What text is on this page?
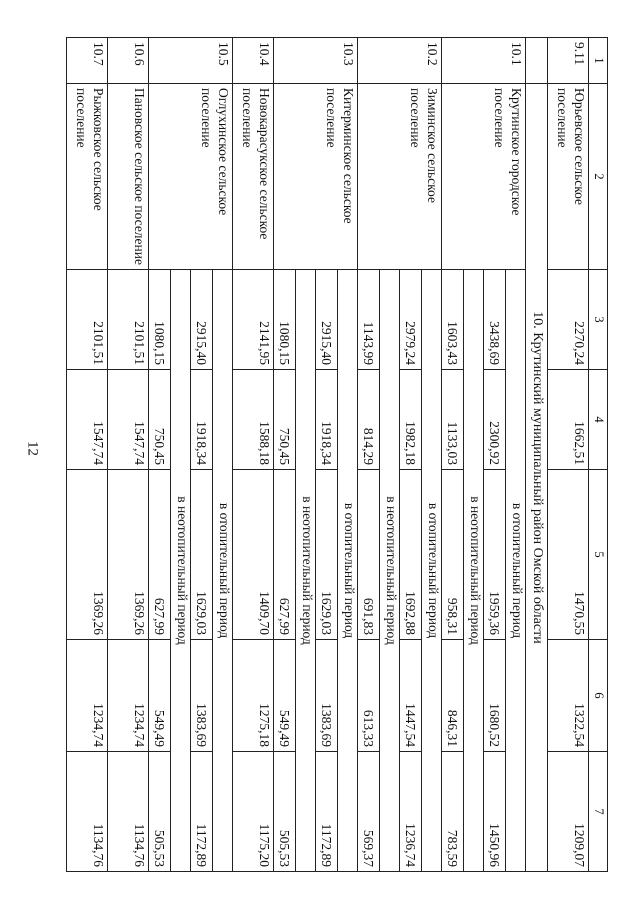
12
1	2	3	4	5	6	7
9.11	Юрьевское сельское поселение	2270,24	1662,51	1470,55	1322,54	1209,07
	10. Крутинский муниципальный район Омской области					
10.1	Крутинское городское поселение	в отопительный период				
		3438,69	2300,92	1959,36	1680,52	1450,96
		в неотопительный период				
		1603,43	1133,03	958,31	846,31	783,59
10.2	Зиминское сельское поселение	в отопительный период				
		2979,24	1982,18	1692,88	1447,54	1236,74
		в неотопительный период				
		1143,99	814,29	691,83	613,33	569,37
10.3	Китерминское сельское поселение	в отопительный период				
		2915,40	1918,34	1629,03	1383,69	1172,89
		в неотопительный период				
		1080,15	750,45	627,99	549,49	505,53
10.4	Новокарасукское сельское поселение	2141,95	1588,18	1409,70	1275,18	1175,20
10.5	Оглухинское сельское поселение	в отопительный период				
		2915,40	1918,34	1629,03	1383,69	1172,89
		в неотопительный период				
		1080,15	750,45	627,99	549,49	505,53
10.6	Пановское сельское поселение	2101,51	1547,74	1369,26	1234,74	1134,76
10.7	Рыжковское сельское поселение	2101,51	1547,74	1369,26	1234,74	1134,76
